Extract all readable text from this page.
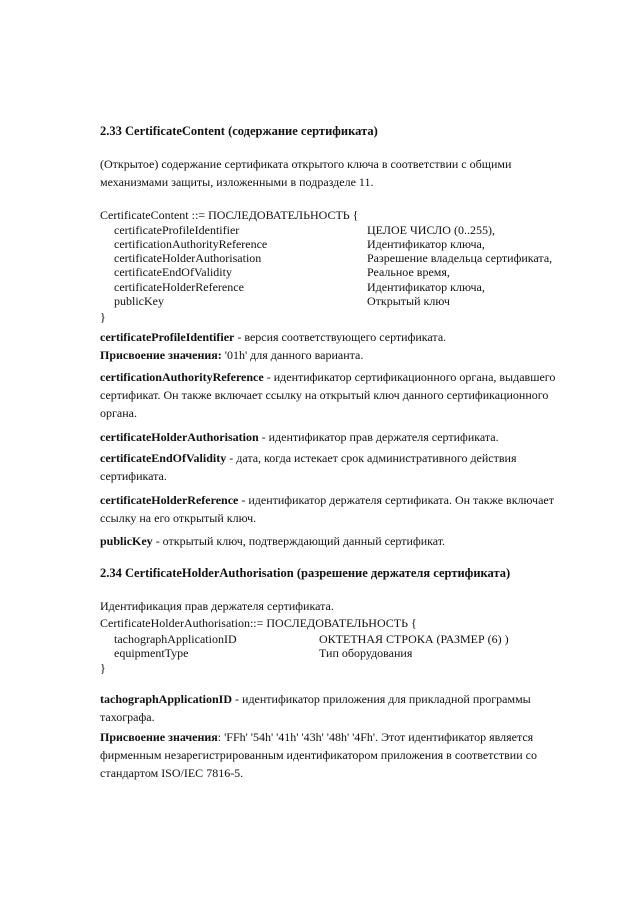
2.33 CertificateContent (содержание сертификата)
(Открытое) содержание сертификата открытого ключа в соответствии с общими
механизмами защиты, изложенными в подразделе 11.
CertificateContent ::= ПОСЛЕДОВАТЕЛЬНОСТЬ {
certificateProfileIdentifier	ЦЕЛОЕ ЧИСЛО (0..255),
certificationAuthorityReference	Идентификатор ключа,
certificateHolderAuthorisation	Разрешение владельца сертификата,
certificateEndOfValidity	Реальное время,
certificateHolderReference	Идентификатор ключа,
publicKey	Открытый ключ
}
certificateProfileIdentifier - версия соответствующего сертификата.
Присвоение значения: '01h' для данного варианта.
certificationAuthorityReference - идентификатор сертификационного органа, выдавшего
сертификат. Он также включает ссылку на открытый ключ данного сертификационного
органа.
certificateHolderAuthorisation - идентификатор прав держателя сертификата.
certificateEndOfValidity - дата, когда истекает срок административного действия
сертификата.
certificateHolderReference - идентификатор держателя сертификата. Он также включает
ссылку на его открытый ключ.
publicKey - открытый ключ, подтверждающий данный сертификат.
2.34 CertificateHolderAuthorisation (разрешение держателя сертификата)
Идентификация прав держателя сертификата.
CertificateHolderAuthorisation::= ПОСЛЕДОВАТЕЛЬНОСТЬ {
tachographApplicationID	ОКТЕТНАЯ СТРОКА (РАЗМЕР (6) )
equipmentType	Тип оборудования
}
tachographApplicationID - идентификатор приложения для прикладной программы
тахографа.
Присвоение значения: 'FFh' '54h' '41h' '43h' '48h' '4Fh'. Этот идентификатор является
фирменным незарегистрированным идентификатором приложения в соответствии со
стандартом ISO/IEC 7816-5.
